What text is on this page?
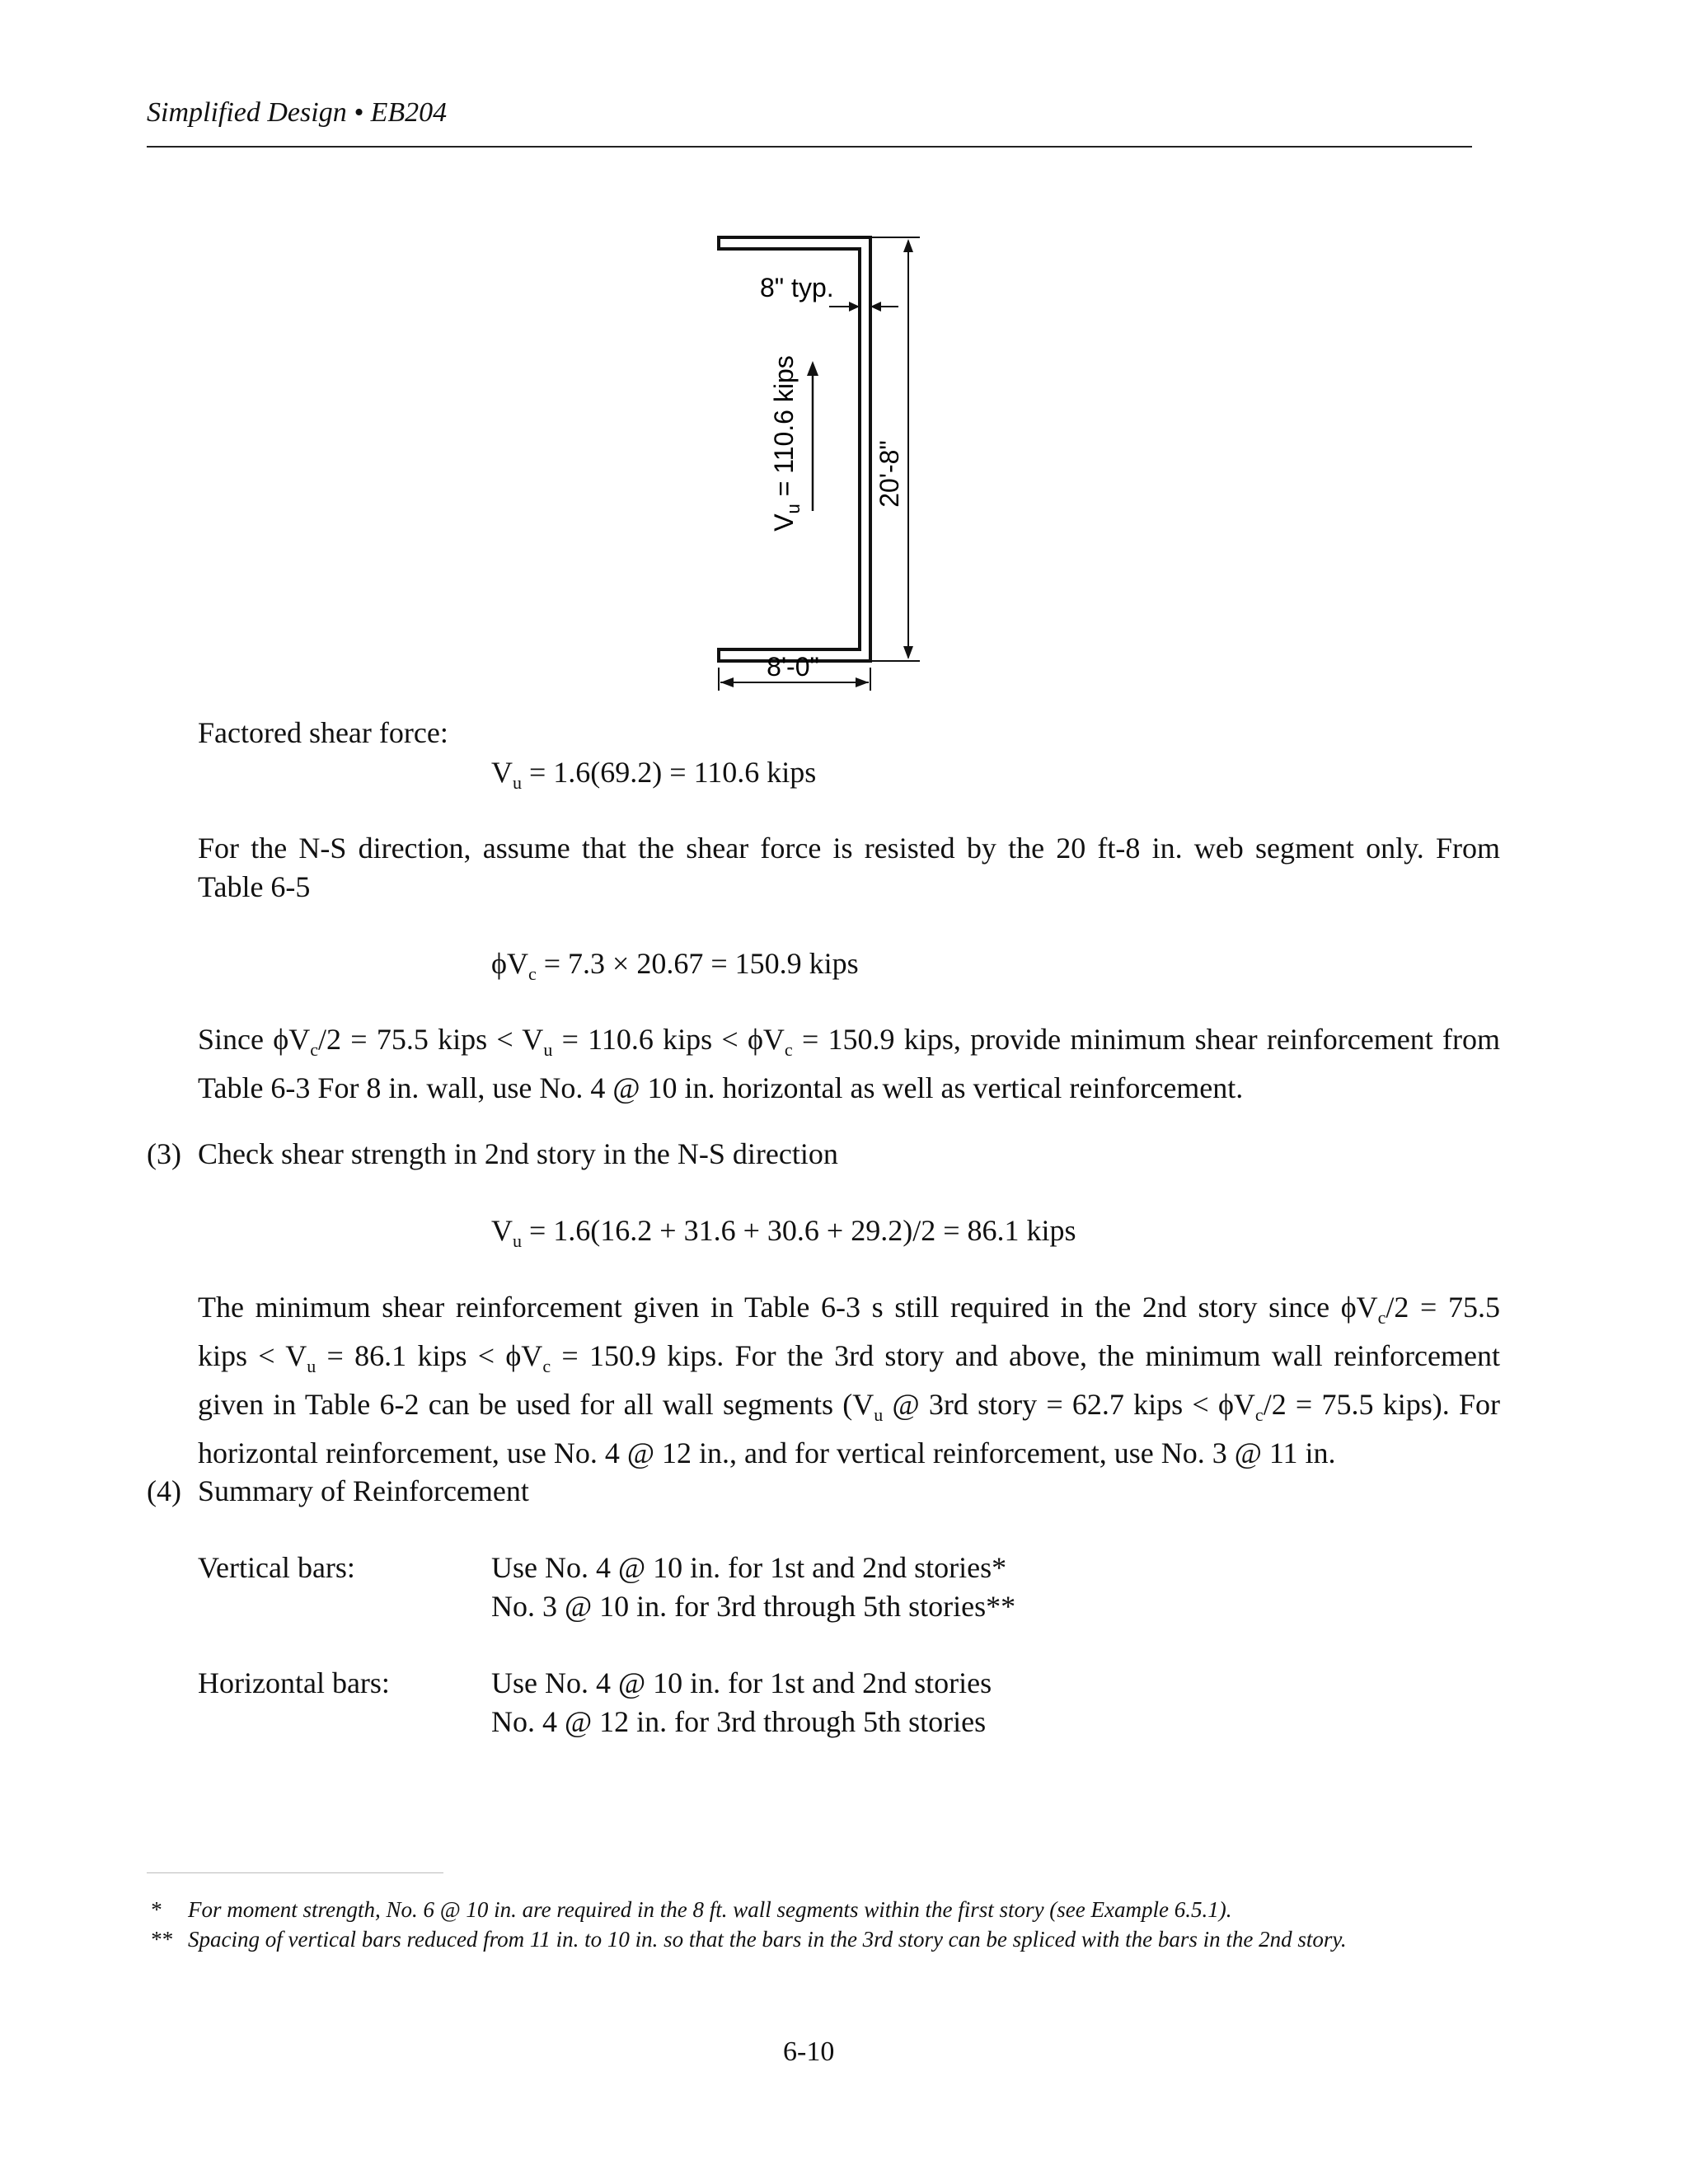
Simplified Design • EB204
8" typ.
20'-8"
8'-0"
$V_u = 110.6$ kips
Factored shear force:
$V_u = 1.6(69.2) = 110.6$ kips
For the N-S direction, assume that the shear force is resisted by the 20 ft-8 in. web segment only. From
Table 6-5
$\phi V_c = 7.3 \times 20.67 = 150.9$ kips
Since $\phi V_c/2 = 75.5$ kips < $V_u = 110.6$ kips < $\phi V_c = 150.9$ kips, provide minimum shear reinforcement from
Table 6-3 For 8 in. wall, use No. 4 @ 10 in. horizontal as well as vertical reinforcement.
(3) Check shear strength in 2nd story in the N-S direction
$V_u = 1.6(16.2 + 31.6 + 30.6 + 29.2)/2 = 86.1$ kips
The minimum shear reinforcement given in Table 6-3 s still required in the 2nd story since $\phi V_c/2 = 75.5$
kips < $V_u = 86.1$ kips < $\phi V_c = 150.9$ kips. For the 3rd story and above, the minimum wall reinforcement
given in Table 6-2 can be used for all wall segments ($V_u$ @ 3rd story = 62.7 kips < $\phi V_c/2 = 75.5$ kips). For
horizontal reinforcement, use No. 4 @ 12 in., and for vertical reinforcement, use No. 3 @ 11 in.
(4) Summary of Reinforcement
Vertical bars:	Use No. 4 @ 10 in. for 1st and 2nd stories*
No. 3 @ 10 in. for 3rd through 5th stories**
Horizontal bars:	Use No. 4 @ 10 in. for 1st and 2nd stories
No. 4 @ 12 in. for 3rd through 5th stories
* For moment strength, No. 6 @ 10 in. are required in the 8 ft. wall segments within the first story (see Example 6.5.1).
** Spacing of vertical bars reduced from 11 in. to 10 in. so that the bars in the 3rd story can be spliced with the bars in the 2nd story.
6-10
